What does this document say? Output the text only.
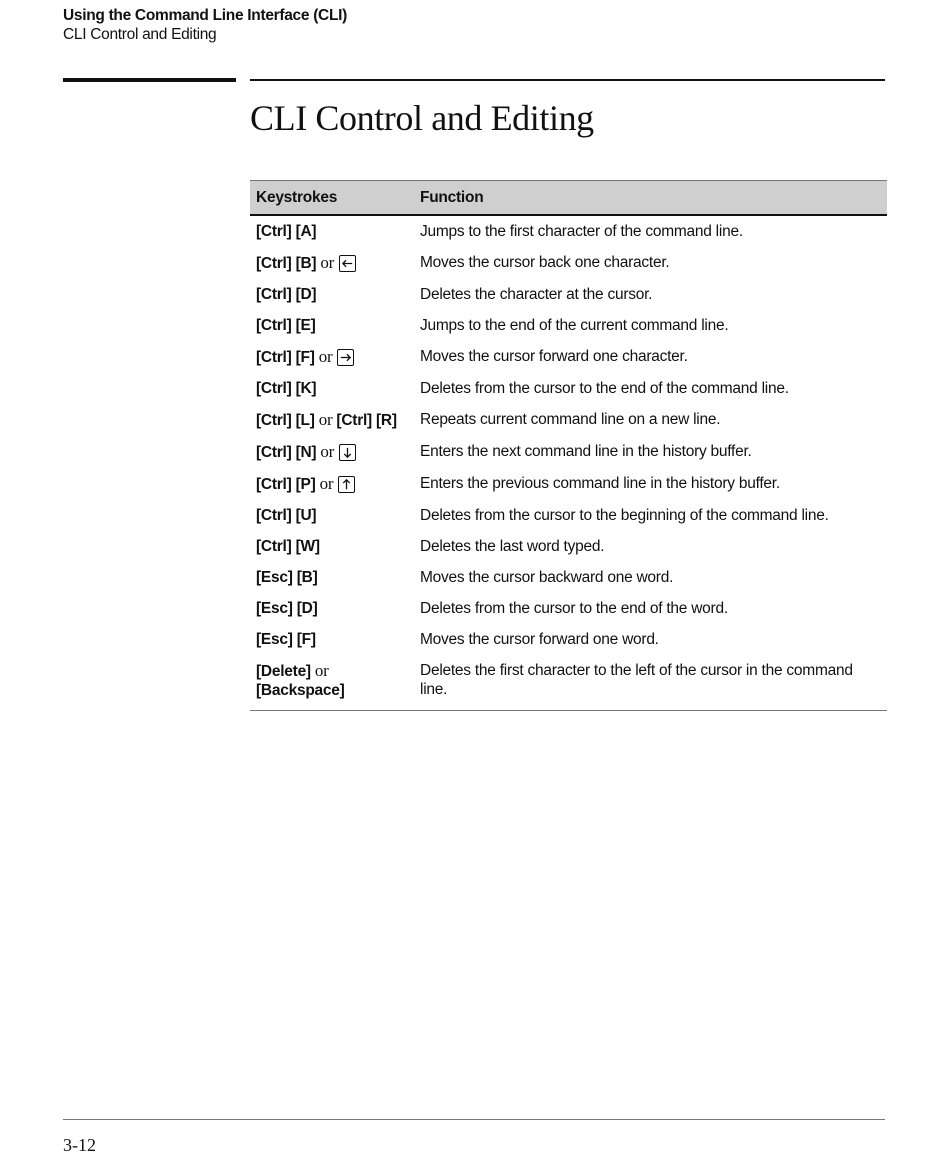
Using the Command Line Interface (CLI)
CLI Control and Editing
CLI Control and Editing
Keystrokes	Function
[Ctrl] [A]	Jumps to the first character of the command line.
[Ctrl] [B] or	Moves the cursor back one character.
[Ctrl] [D]	Deletes the character at the cursor.
[Ctrl] [E]	Jumps to the end of the current command line.
[Ctrl] [F] or	Moves the cursor forward one character.
[Ctrl] [K]	Deletes from the cursor to the end of the command line.
[Ctrl] [L] or [Ctrl] [R]	Repeats current command line on a new line.
[Ctrl] [N] or	Enters the next command line in the history buffer.
[Ctrl] [P] or	Enters the previous command line in the history buffer.
[Ctrl] [U]	Deletes from the cursor to the beginning of the command line.
[Ctrl] [W]	Deletes the last word typed.
[Esc] [B]	Moves the cursor backward one word.
[Esc] [D]	Deletes from the cursor to the end of the word.
[Esc] [F]	Moves the cursor forward one word.
[Delete] or
[Backspace]	Deletes the first character to the left of the cursor in the command line.
3-12
